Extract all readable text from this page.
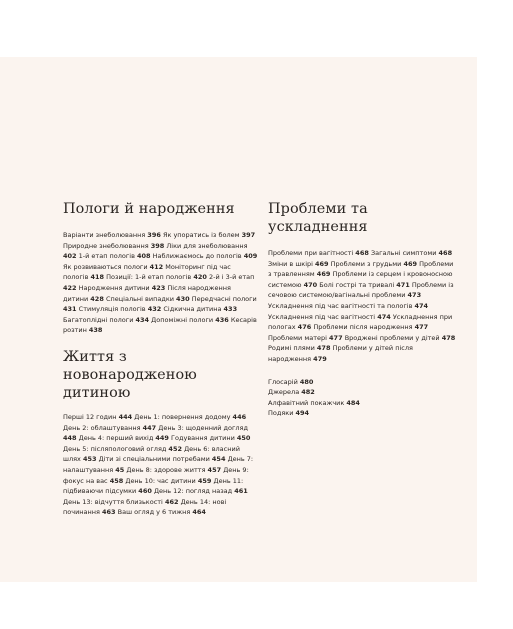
Пологи й народження
Варіанти знеболювання 396 Як упоратись із болем 397 Природне знеболювання 398 Ліки для знеболювання 402 1-й етап пологів 408 Наближаємось до пологів 409 Як розвиваються пологи 412 Моніторинг під час пологів 418 Позиції: 1-й етап пологів 420 2-й і 3-й етап 422 Народження дитини 423 Після народження дитини 428 Спеціальні випадки 430 Передчасні пологи 431 Стимуляція пологів 432 Сідкична дитина 433 Багатоплідні пологи 434 Допоміжні пологи 436 Кесарів розтин 438
Життя з новонародженою дитиною
Перші 12 годин 444 День 1: повернення додому 446 День 2: облаштування 447 День 3: щоденний догляд 448 День 4: перший вихід 449 Годування дитини 450 День 5: післяпологовий огляд 452 День 6: власний шлях 453 Діти зі спеціальними потребами 454 День 7: налаштування 45 День 8: здорове життя 457 День 9: фокус на вас 458 День 10: час дитини 459 День 11: підбиваючи підсумки 460 День 12: погляд назад 461 День 13: відчуття близькості 462 День 14: нові починання 463 Ваш огляд у 6 тижня 464
Проблеми та ускладнення
Проблеми при вагітності 468 Загальні симптоми 468 Зміни в шкірі 469 Проблеми з грудьми 469 Проблеми з травленням 469 Проблеми із серцем і кровоносною системою 470 Болі гострі та тривалі 471 Проблеми із сечовою системою/вагінальні проблеми 473 Ускладнення під час вагітності та пологів 474 Ускладнення під час вагітності 474 Ускладнення при пологах 476 Проблеми після народження 477 Проблеми матері 477 Вроджені проблеми у дітей 478 Родимі плями 478 Проблеми у дітей після народження 479
Глосарій 480
Джерела 482
Алфавітний покажчик 484
Подяки 494
